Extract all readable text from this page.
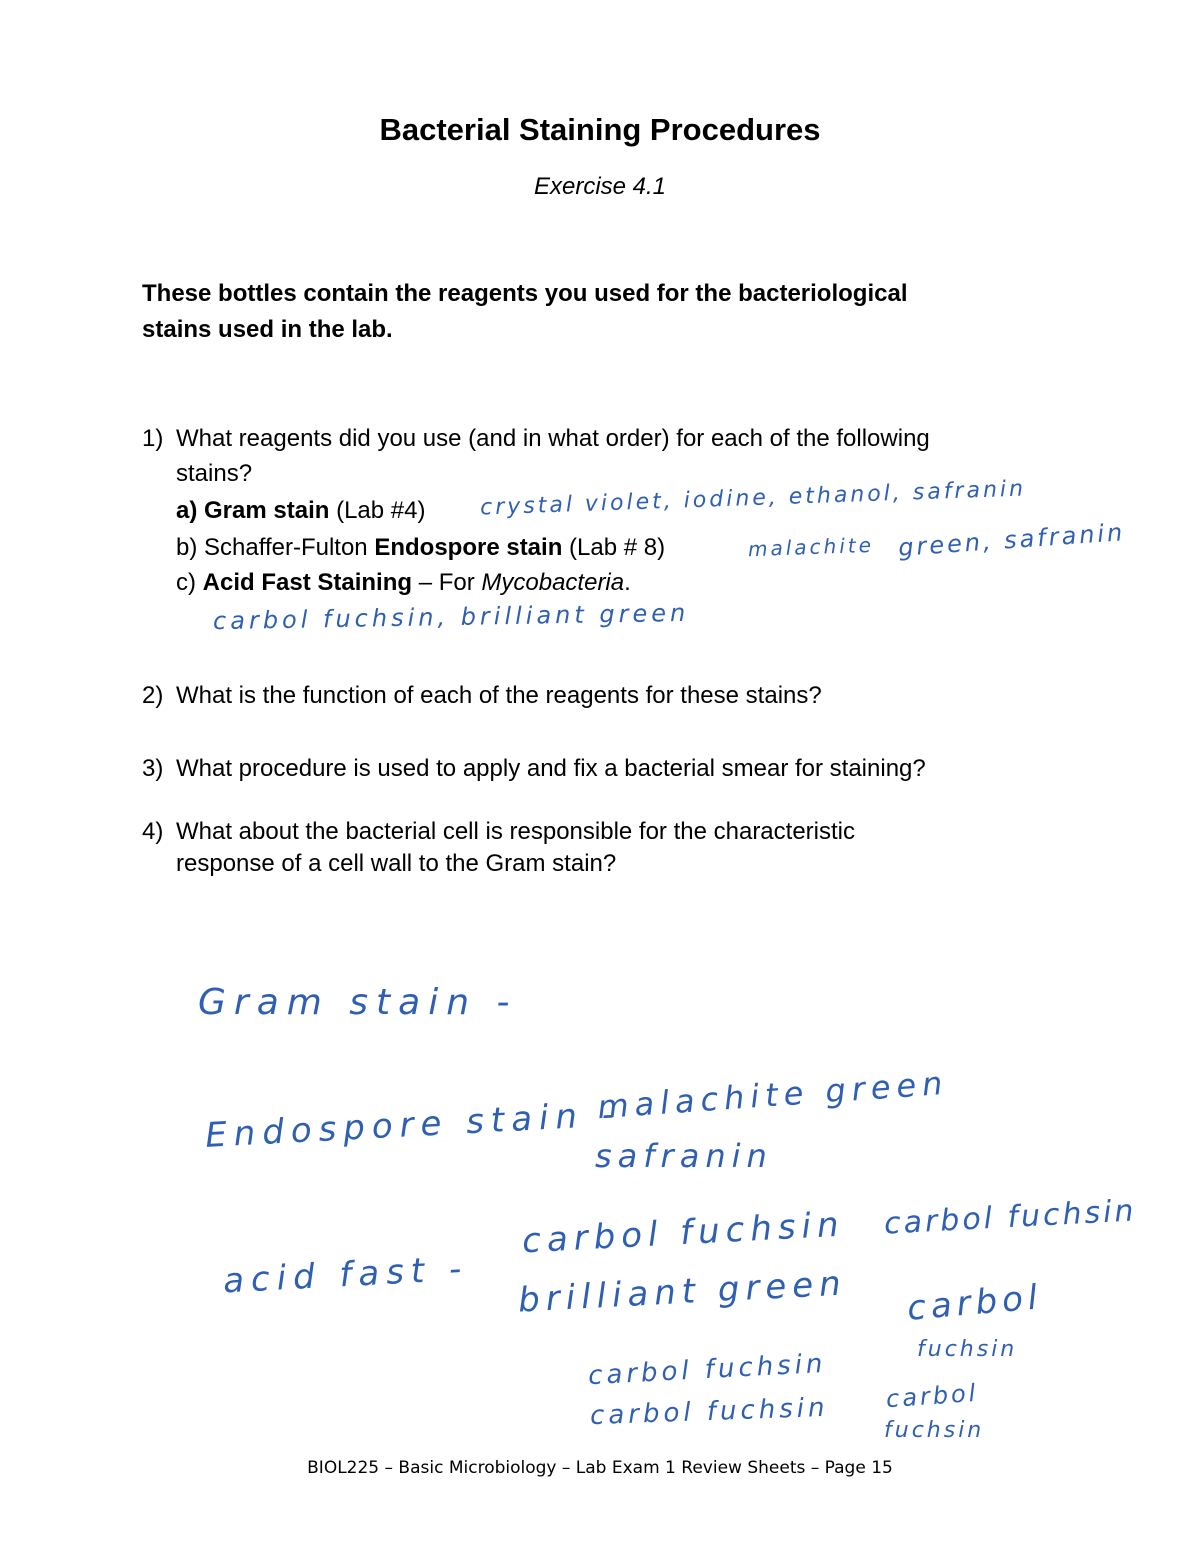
Bacterial Staining Procedures
Exercise 4.1
These bottles contain the reagents you used for the bacteriological
stains used in the lab.
1) What reagents did you use (and in what order) for each of the following
stains?
a) Gram stain (Lab #4)
b) Schaffer-Fulton Endospore stain (Lab # 8)
c) Acid Fast Staining – For Mycobacteria.
2) What is the function of each of the reagents for these stains?
3) What procedure is used to apply and fix a bacterial smear for staining?
4) What about the bacterial cell is responsible for the characteristic
response of a cell wall to the Gram stain?
crystal violet, iodine, ethanol, safranin
malachite green, safranin
carbol fuchsin, brilliant green
Gram stain -
Endospore stain -
malachite green
safranin
acid fast -
carbol fuchsin
brilliant green
carbol fuchsin
carbol
fuchsin
carbol fuchsin
carbol fuchsin carbol
fuchsin
BIOL225 – Basic Microbiology – Lab Exam 1 Review Sheets – Page 15
